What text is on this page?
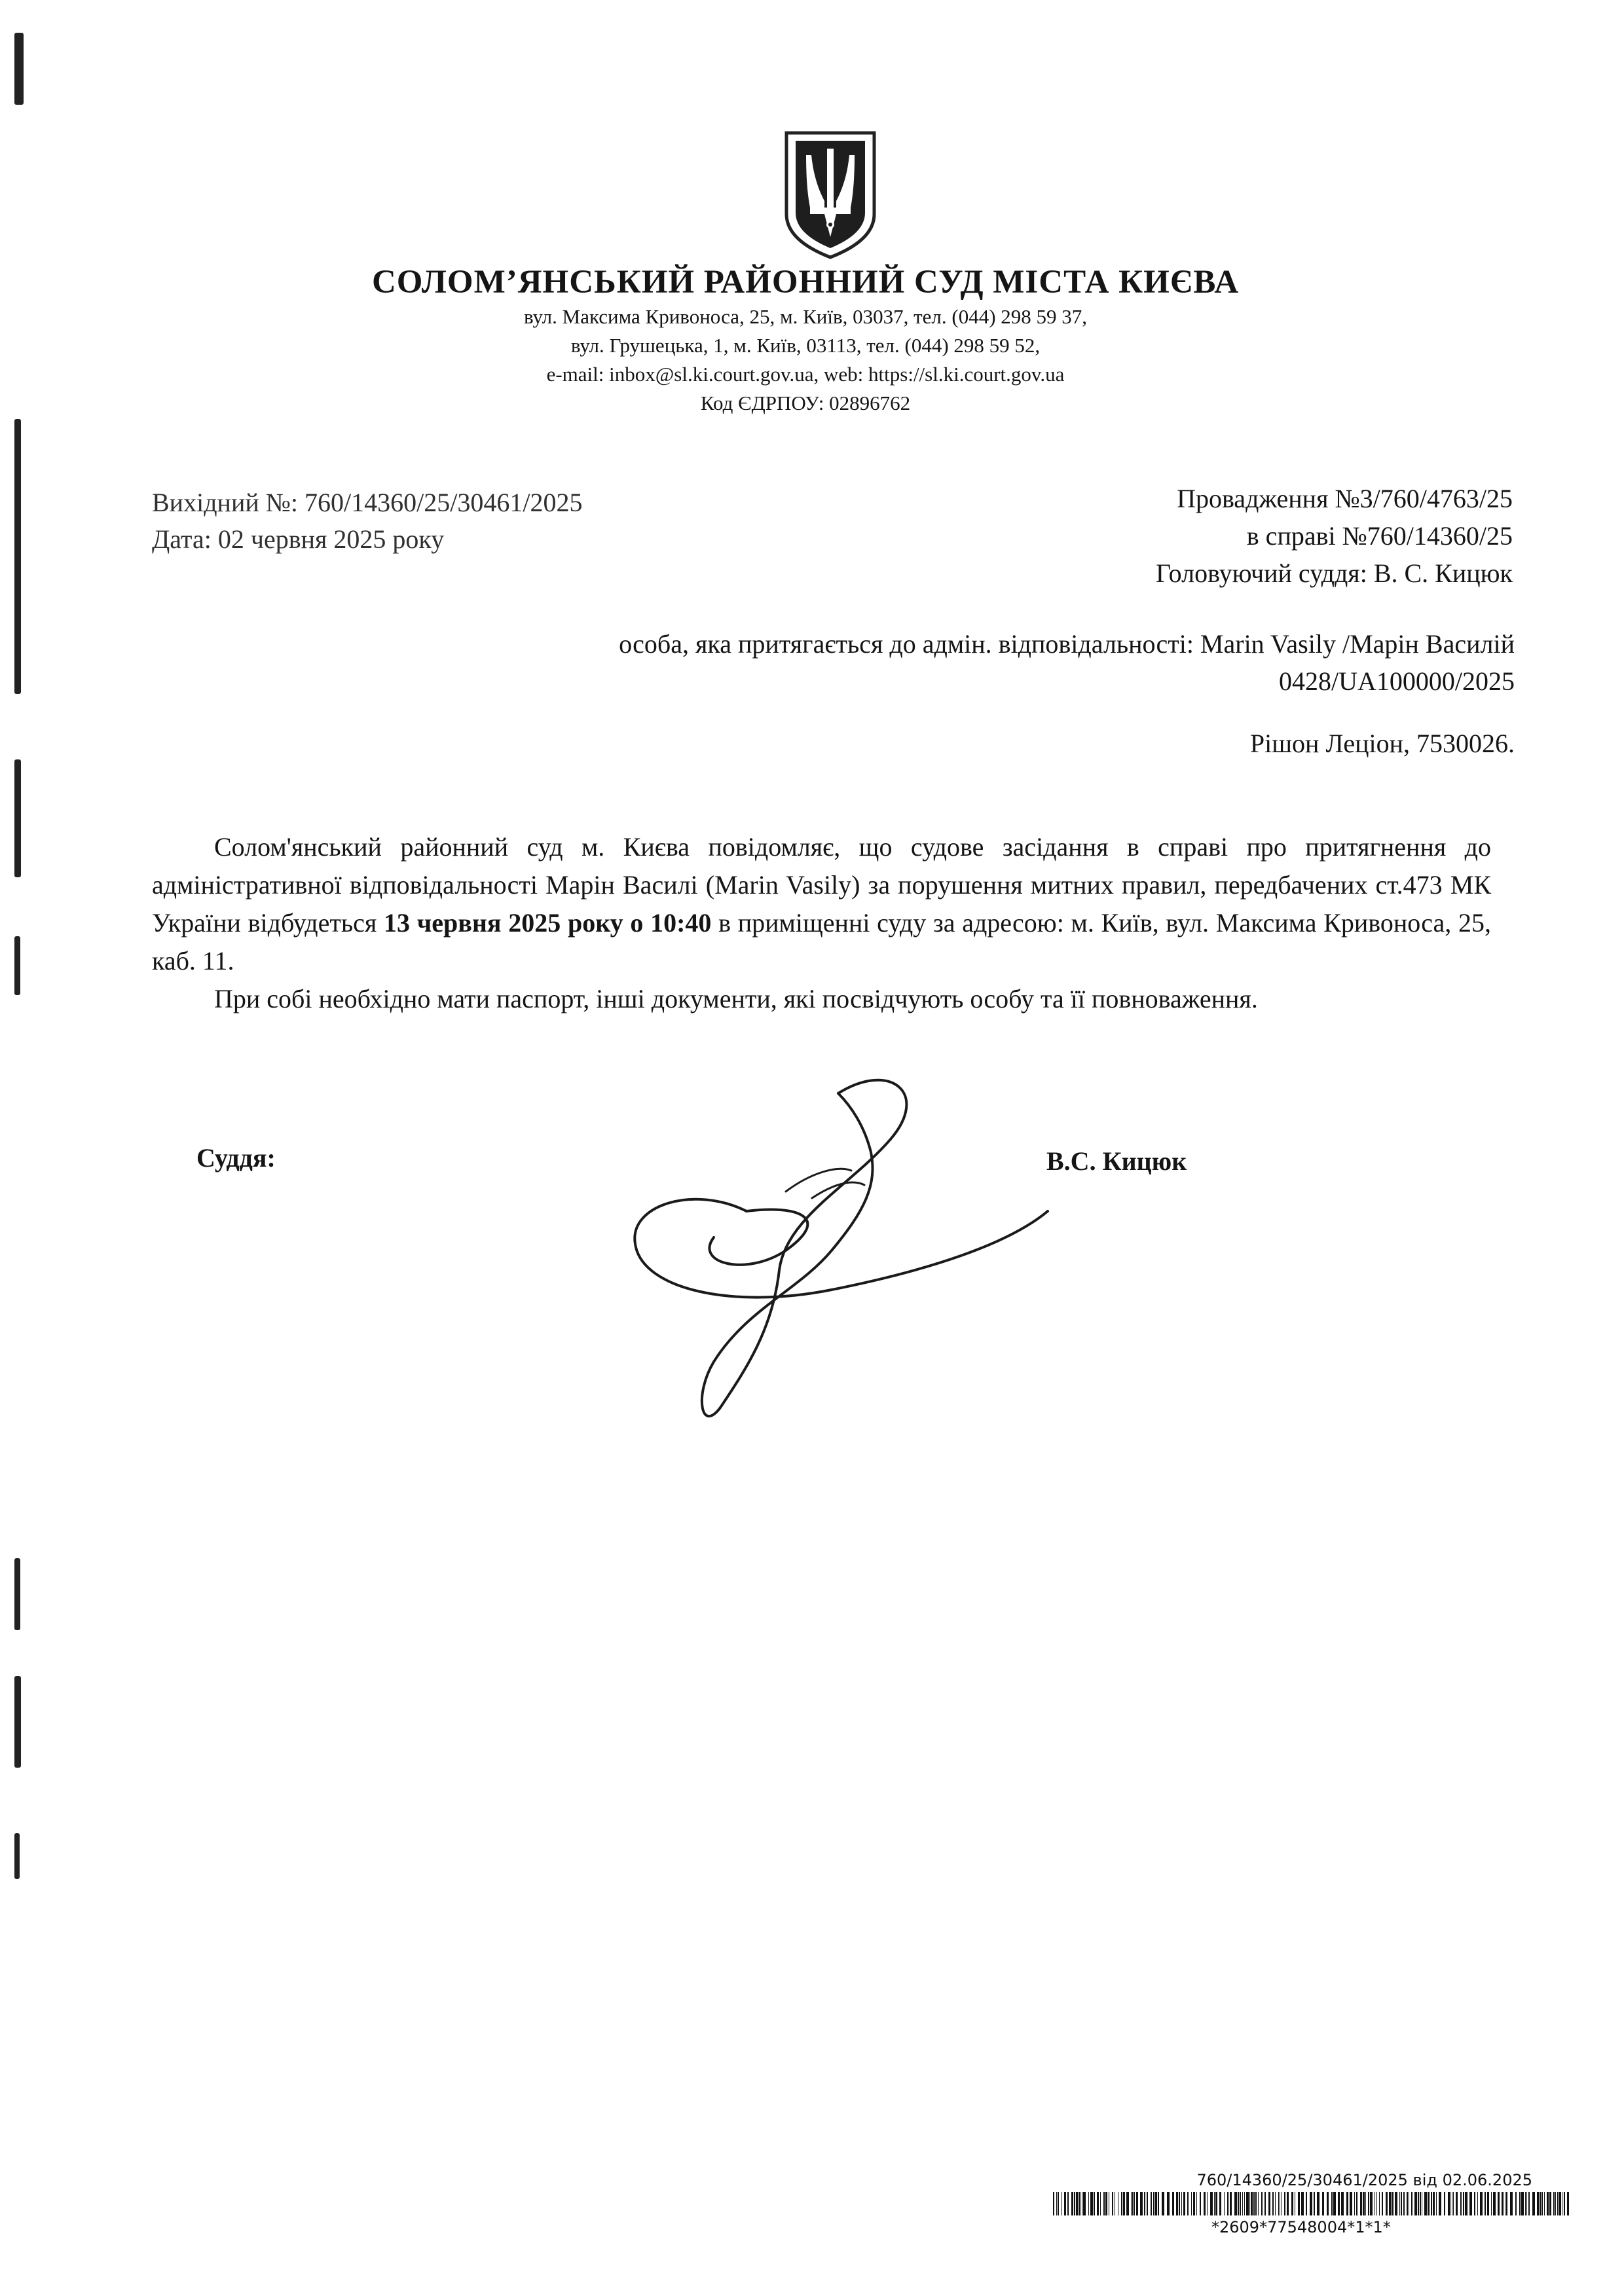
СОЛОМ’ЯНСЬКИЙ РАЙОННИЙ СУД МІСТА КИЄВА
вул. Максима Кривоноса, 25, м. Київ, 03037, тел. (044) 298 59 37,
вул. Грушецька, 1, м. Київ, 03113, тел. (044) 298 59 52,
e-mail: inbox@sl.ki.court.gov.ua, web: https://sl.ki.court.gov.ua
Код ЄДРПОУ: 02896762
Вихідний №: 760/14360/25/30461/2025
Дата: 02 червня 2025 року
Провадження №3/760/4763/25
в справі №760/14360/25
Головуючий суддя: В. С. Кицюк
особа, яка притягається до адмін. відповідальності: Marin Vasily /Марін Василій
0428/UA100000/2025
Рішон Леціон, 7530026.

Солом'янський районний суд м. Києва повідомляє, що судове засідання в справі про притягнення до адміністративної відповідальності Марін Василі (Marin Vasily) за порушення митних правил, передбачених ст.473 МК України відбудеться 13 червня 2025 року о 10:40 в приміщенні суду за адресою: м. Київ, вул. Максима Кривоноса, 25, каб. 11.

При собі необхідно мати паспорт, інші документи, які посвідчують особу та її повноваження.

Суддя:	В.С. Кицюк
760/14360/25/30461/2025 від 02.06.2025
*2609*77548004*1*1*
